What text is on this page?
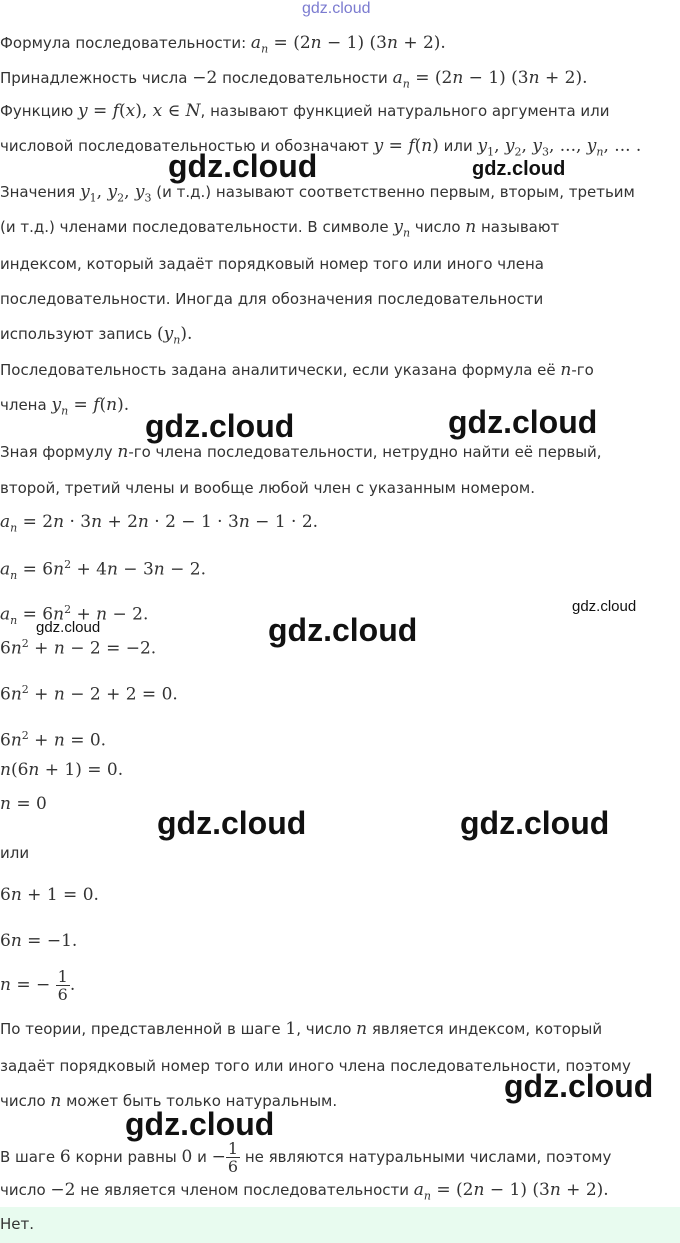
gdz.cloud
gdz.cloud	gdz.cloud
gdz.cloud	gdz.cloud
gdz.cloud
gdz.cloud	gdz.cloud
gdz.cloud	gdz.cloud
gdz.cloud
gdz.cloud
Формула последовательности: $a_n = (2n - 1) (3n + 2)$.
Принадлежность числа −2 последовательности $a_n = (2n - 1) (3n + 2)$.
Функцию y = f(x), x ∈ N, называют функцией натурального аргумента или
числовой последовательностью и обозначают y = f(n) или $y_1$, $y_2$, $y_3$, ..., $y_n$, ... .
Значения $y_1$, $y_2$, $y_3$ (и т.д.) называют соответственно первым, вторым, третьим
(и т.д.) членами последовательности. В символе $y_n$ число n называют
индексом, который задаёт порядковый номер того или иного члена
последовательности. Иногда для обозначения последовательности
используют запись $(y_n)$.
Последовательность задана аналитически, если указана формула её n-го
члена $y_n = f(n)$.
Зная формулу n-го члена последовательности, нетрудно найти её первый,
второй, третий члены и вообще любой член с указанным номером.
$a_n = 2n \cdot 3n + 2n \cdot 2 - 1 \cdot 3n - 1 \cdot 2$.
$a_n = 6n^2 + 4n - 3n - 2$.
$a_n = 6n^2 + n - 2$.
$6n^2 + n - 2 = -2$.
$6n^2 + n - 2 + 2 = 0$.
$6n^2 + n = 0$.
n(6n + 1) = 0.
n = 0
или
6n + 1 = 0.
6n = −1.
n = − $\frac{1}{6}$ .
По теории, представленной в шаге 1, число n является индексом, который
задаёт порядковый номер того или иного члена последовательности, поэтому
число n может быть только натуральным.
В шаге 6 корни равны 0 $и - \frac{1}{6}$ не являются натуральными числами, поэтому
число −2 не является членом последовательности $a_n = (2n - 1) (3n + 2)$.
Нет.
